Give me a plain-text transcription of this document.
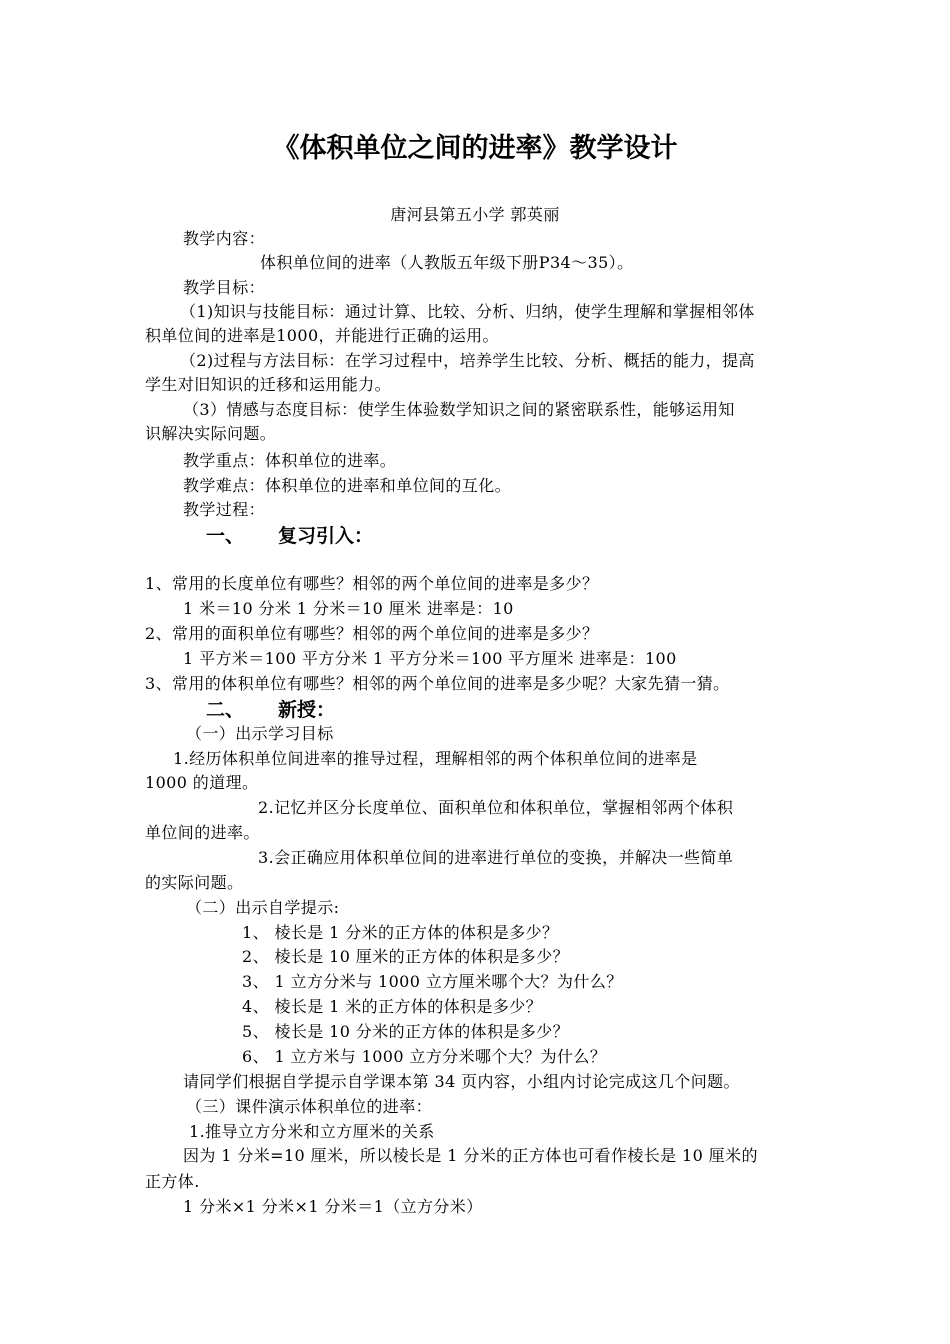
《体积单位之间的进率》教学设计
唐河县第五小学 郭英丽
教学内容：
体积单位间的进率（人教版五年级下册P34～35）。
教学目标：
（1)知识与技能目标：通过计算、比较、分析、归纳，使学生理解和掌握相邻体
积单位间的进率是1000，并能进行正确的运用。
（2)过程与方法目标：在学习过程中，培养学生比较、分析、概括的能力，提高
学生对旧知识的迁移和运用能力。
（3）情感与态度目标：使学生体验数学知识之间的紧密联系性，能够运用知
识解决实际问题。
教学重点：体积单位的进率。
教学难点：体积单位的进率和单位间的互化。
教学过程：
一、 复习引入：
1、常用的长度单位有哪些？相邻的两个单位间的进率是多少？
1 米＝10 分米 1 分米＝10 厘米 进率是：10
2、常用的面积单位有哪些？相邻的两个单位间的进率是多少？
1 平方米＝100 平方分米 1 平方分米＝100 平方厘米 进率是：100
3、常用的体积单位有哪些？相邻的两个单位间的进率是多少呢？大家先猜一猜。
二、 新授：
（一）出示学习目标
1.经历体积单位间进率的推导过程，理解相邻的两个体积单位间的进率是
1000 的道理。
2.记忆并区分长度单位、面积单位和体积单位，掌握相邻两个体积
单位间的进率。
3.会正确应用体积单位间的进率进行单位的变换，并解决一些简单
的实际问题。
（二）出示自学提示:
1、 棱长是 1 分米的正方体的体积是多少？
2、 棱长是 10 厘米的正方体的体积是多少？
3、 1 立方分米与 1000 立方厘米哪个大？为什么？
4、 棱长是 1 米的正方体的体积是多少？
5、 棱长是 10 分米的正方体的体积是多少？
6、 1 立方米与 1000 立方分米哪个大？为什么？
请同学们根据自学提示自学课本第 34 页内容，小组内讨论完成这几个问题。
（三）课件演示体积单位的进率：
1.推导立方分米和立方厘米的关系
因为 1 分米=10 厘米，所以棱长是 1 分米的正方体也可看作棱长是 10 厘米的
正方体.
1 分米×1 分米×1 分米＝1（立方分米）
